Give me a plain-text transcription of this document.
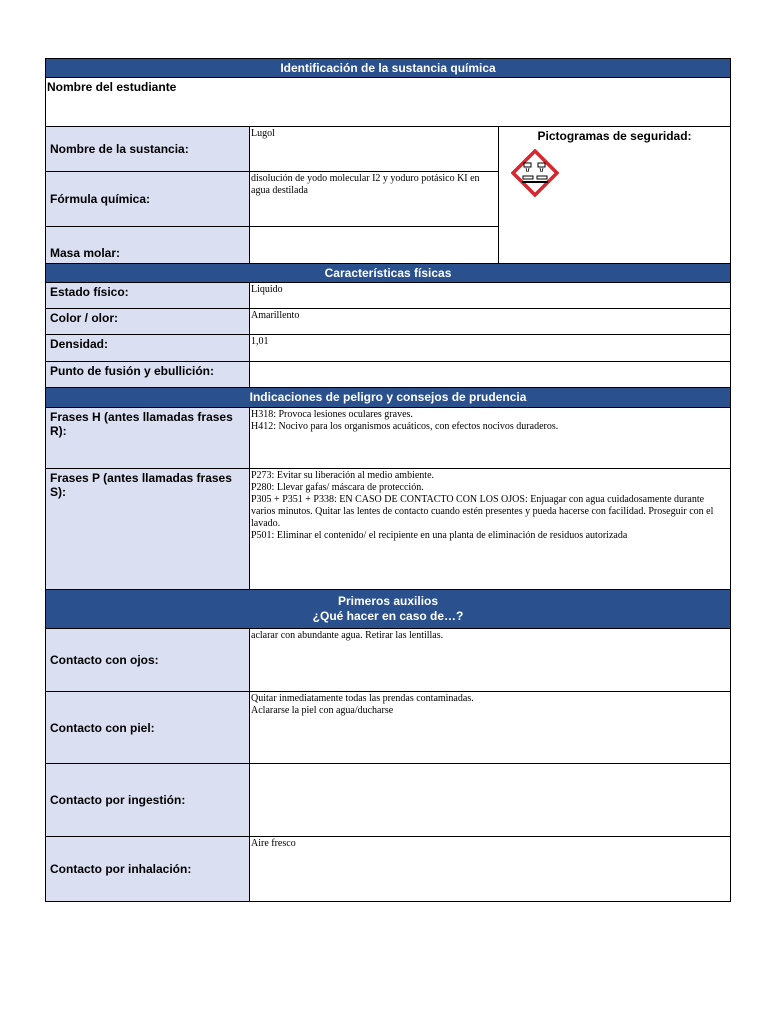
Identificación de la sustancia química		
Nombre del estudiante		
Nombre de la sustancia:	Lugol	Pictogramas de seguridad:

Fórmula química:	disolución de yodo molecular I2 y yoduro potásico KI en agua destilada	
Masa molar:		
Características físicas		
Estado físico:	Liquido	
Color / olor:	Amarillento	
Densidad:	1,01	
Punto de fusión y ebullición:		
Indicaciones de peligro y consejos de prudencia		
Frases H (antes llamadas frases R):	H318: Provoca lesiones oculares graves.
H412: Nocivo para los organismos acuáticos, con efectos nocivos duraderos.	

Frases P (antes llamadas frases S):	P273: Evitar su liberación al medio ambiente.
P280: Llevar gafas/ máscara de protección.
P305 + P351 + P338: EN CASO DE CONTACTO CON LOS OJOS: Enjuagar con agua cuidadosamente durante varios minutos. Quitar las lentes de contacto cuando estén presentes y pueda hacerse con facilidad. Proseguir con el lavado.
P501: Eliminar el contenido/ el recipiente en una planta de eliminación de residuos autorizada	

Primeros auxilios
¿Qué hacer en caso de…?		

Contacto con ojos:	aclarar con abundante agua. Retirar las lentillas.	

Contacto con piel:	Quitar inmediatamente todas las prendas contaminadas.
Aclararse la piel con agua/ducharse	

Contacto por ingestión:		
Contacto por inhalación:	Aire fresco	
